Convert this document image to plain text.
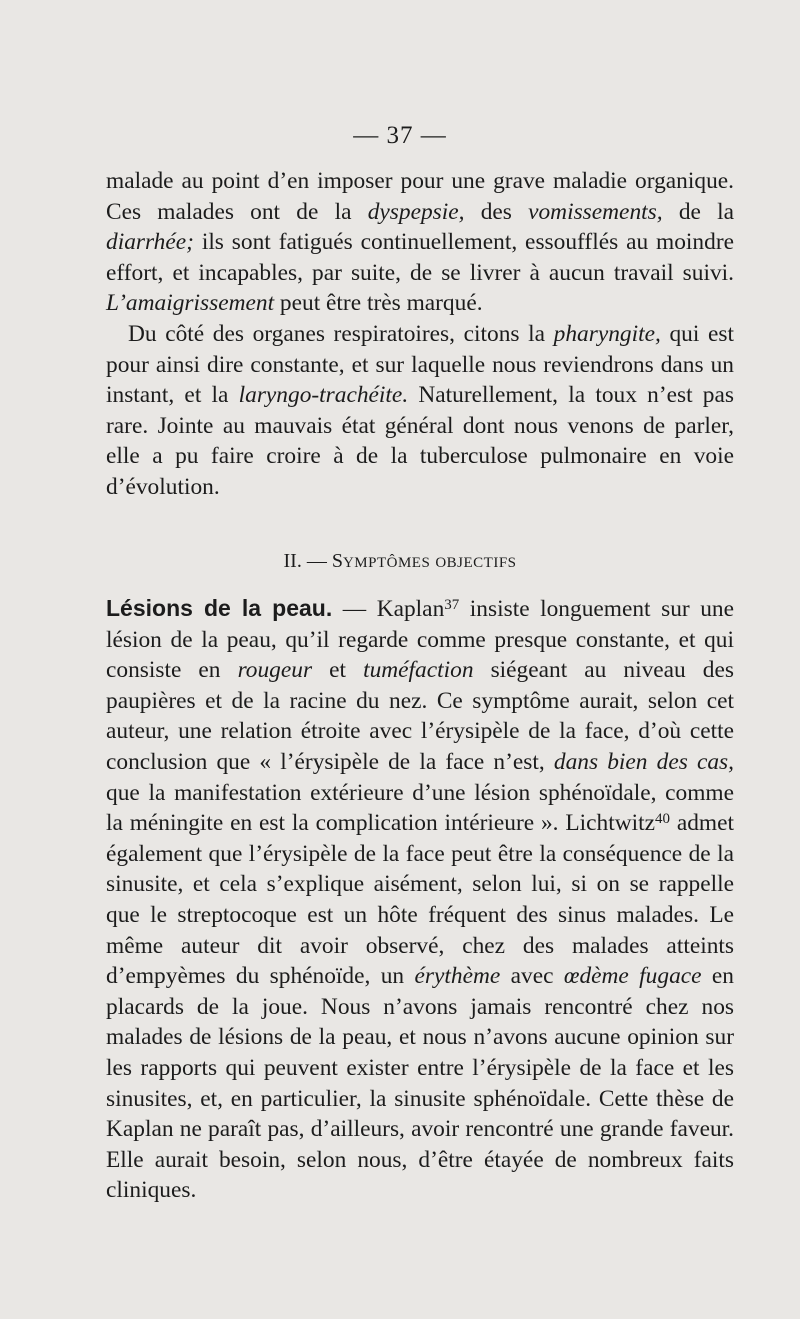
— 37 —

malade au point d’en imposer pour une grave maladie organique. Ces malades ont de la dyspepsie, des vomissements, de la diarrhée; ils sont fatigués continuellement, essoufflés au moindre effort, et incapables, par suite, de se livrer à aucun travail suivi. L’amaigrissement peut être très marqué.

Du côté des organes respiratoires, citons la pharyngite, qui est pour ainsi dire constante, et sur laquelle nous reviendrons dans un instant, et la laryngo-trachéite. Naturellement, la toux n’est pas rare. Jointe au mauvais état général dont nous venons de parler, elle a pu faire croire à de la tuberculose pulmonaire en voie d’évolution.

II. — SYMPTÔMES OBJECTIFS

Lésions de la peau. — Kaplan$^{37}$ insiste longuement sur une lésion de la peau, qu’il regarde comme presque constante, et qui consiste en rougeur et tuméfaction siégeant au niveau des paupières et de la racine du nez. Ce symptôme aurait, selon cet auteur, une relation étroite avec l’érysipèle de la face, d’où cette conclusion que « l’érysipèle de la face n’est, dans bien des cas, que la manifestation extérieure d’une lésion sphénoïdale, comme la méningite en est la complication intérieure ». Lichtwitz$^{40}$ admet également que l’érysipèle de la face peut être la conséquence de la sinusite, et cela s’explique aisément, selon lui, si on se rappelle que le streptocoque est un hôte fréquent des sinus malades. Le même auteur dit avoir observé, chez des malades atteints d’empyèmes du sphénoïde, un érythème avec œdème fugace en placards de la joue. Nous n’avons jamais rencontré chez nos malades de lésions de la peau, et nous n’avons aucune opinion sur les rapports qui peuvent exister entre l’érysipèle de la face et les sinusites, et, en particulier, la sinusite sphénoïdale. Cette thèse de Kaplan ne paraît pas, d’ailleurs, avoir rencontré une grande faveur. Elle aurait besoin, selon nous, d’être étayée de nombreux faits cliniques.
